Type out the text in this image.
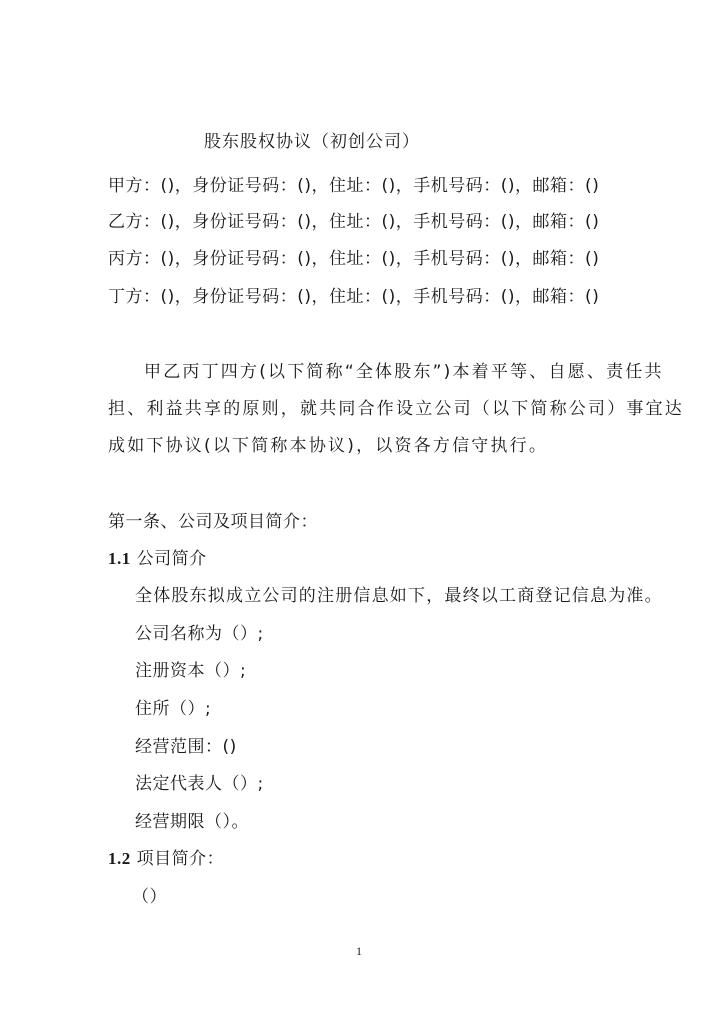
股东股权协议（初创公司）
甲方：()，身份证号码：()，住址：()，手机号码：()，邮箱：()
乙方：()，身份证号码：()，住址：()，手机号码：()，邮箱：()
丙方：()，身份证号码：()，住址：()，手机号码：()，邮箱：()
丁方：()，身份证号码：()，住址：()，手机号码：()，邮箱：()
甲乙丙丁四方(以下简称“全体股东”)本着平等、自愿、责任共
担、利益共享的原则，就共同合作设立公司（以下简称公司）事宜达
成如下协议(以下简称本协议)，以资各方信守执行。
第一条、公司及项目简介：
1.1 公司简介
全体股东拟成立公司的注册信息如下，最终以工商登记信息为准。
公司名称为（）;
注册资本（）;
住所（）;
经营范围：()
法定代表人（）;
经营期限（）。
1.2 项目简介：
（）
1
